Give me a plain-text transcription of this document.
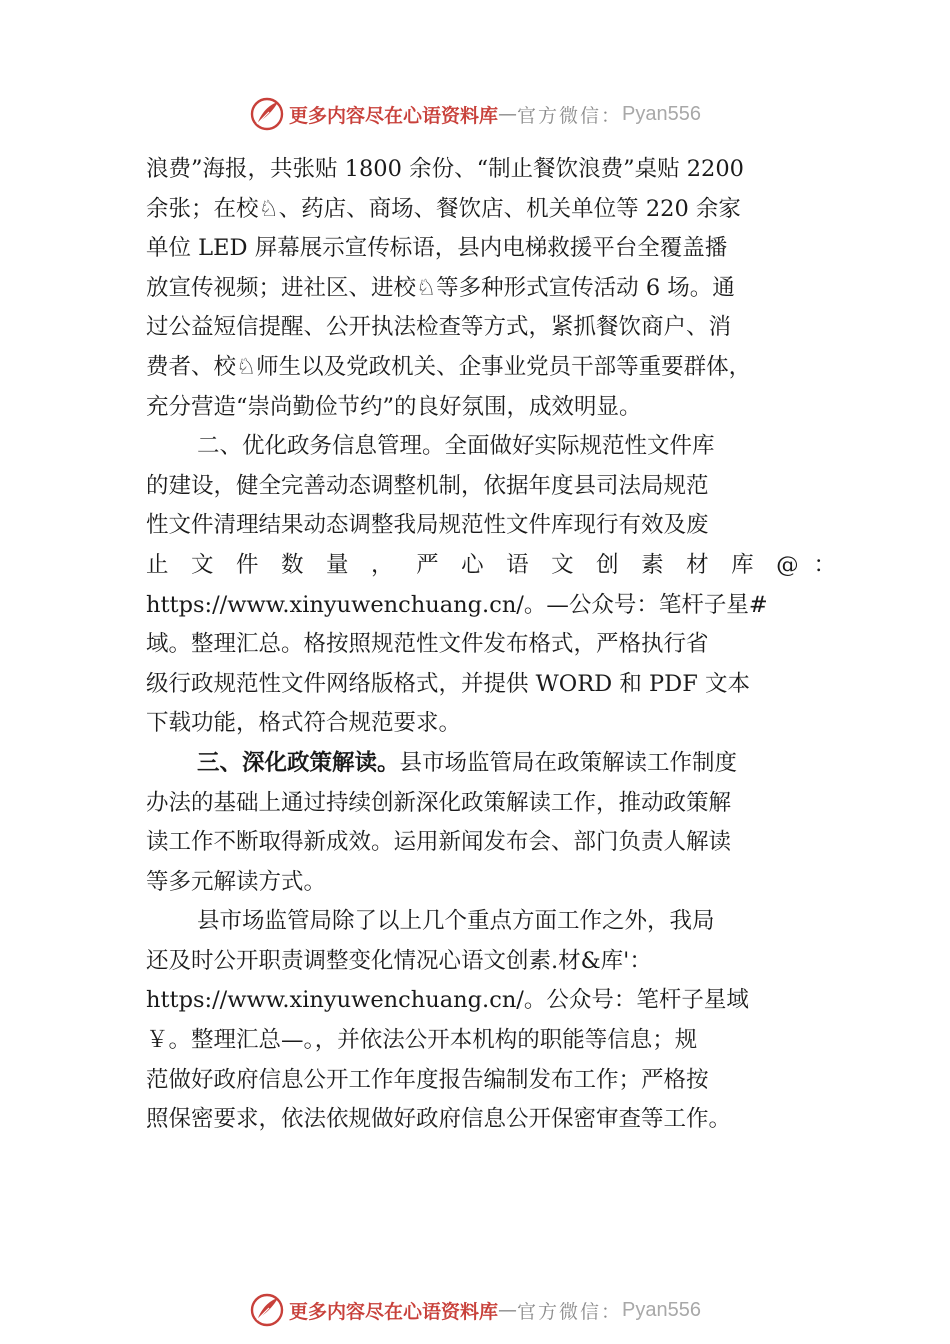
更多内容尽在心语资料库 — 官方微信： Pyan556
浪费”海报，共张贴 1800 余份、“制止餐饮浪费”桌贴 2200
余张；在校♘、药店、商场、餐饮店、机关单位等 220 余家
单位 LED 屏幕展示宣传标语，县内电梯救援平台全覆盖播
放宣传视频；进社区、进校♘等多种形式宣传活动 6 场。通
过公益短信提醒、公开执法检查等方式，紧抓餐饮商户、消
费者、校♘师生以及党政机关、企事业党员干部等重要群体，
充分营造“崇尚勤俭节约”的良好氛围，成效明显。
二、优化政务信息管理。全面做好实际规范性文件库
的建设，健全完善动态调整机制，依据年度县司法局规范
性文件清理结果动态调整我局规范性文件库现行有效及废
止 文 件 数 量 ， 严 心 语 文 创 素 材 库 @ ：
https://www.xinyuwenchuang.cn/。—公众号：笔杆子星#
域。整理汇总。格按照规范性文件发布格式，严格执行省
级行政规范性文件网络版格式，并提供 WORD 和 PDF 文本
下载功能，格式符合规范要求。
三、深化政策解读。县市场监管局在政策解读工作制度
办法的基础上通过持续创新深化政策解读工作，推动政策解
读工作不断取得新成效。运用新闻发布会、部门负责人解读
等多元解读方式。
县市场监管局除了以上几个重点方面工作之外，我局
还及时公开职责调整变化情况心语文创素.材&库'：
https://www.xinyuwenchuang.cn/。公众号：笔杆子星域
￥。整理汇总—。，并依法公开本机构的职能等信息；规
范做好政府信息公开工作年度报告编制发布工作；严格按
照保密要求，依法依规做好政府信息公开保密审查等工作。
更多内容尽在心语资料库 — 官方微信： Pyan556
